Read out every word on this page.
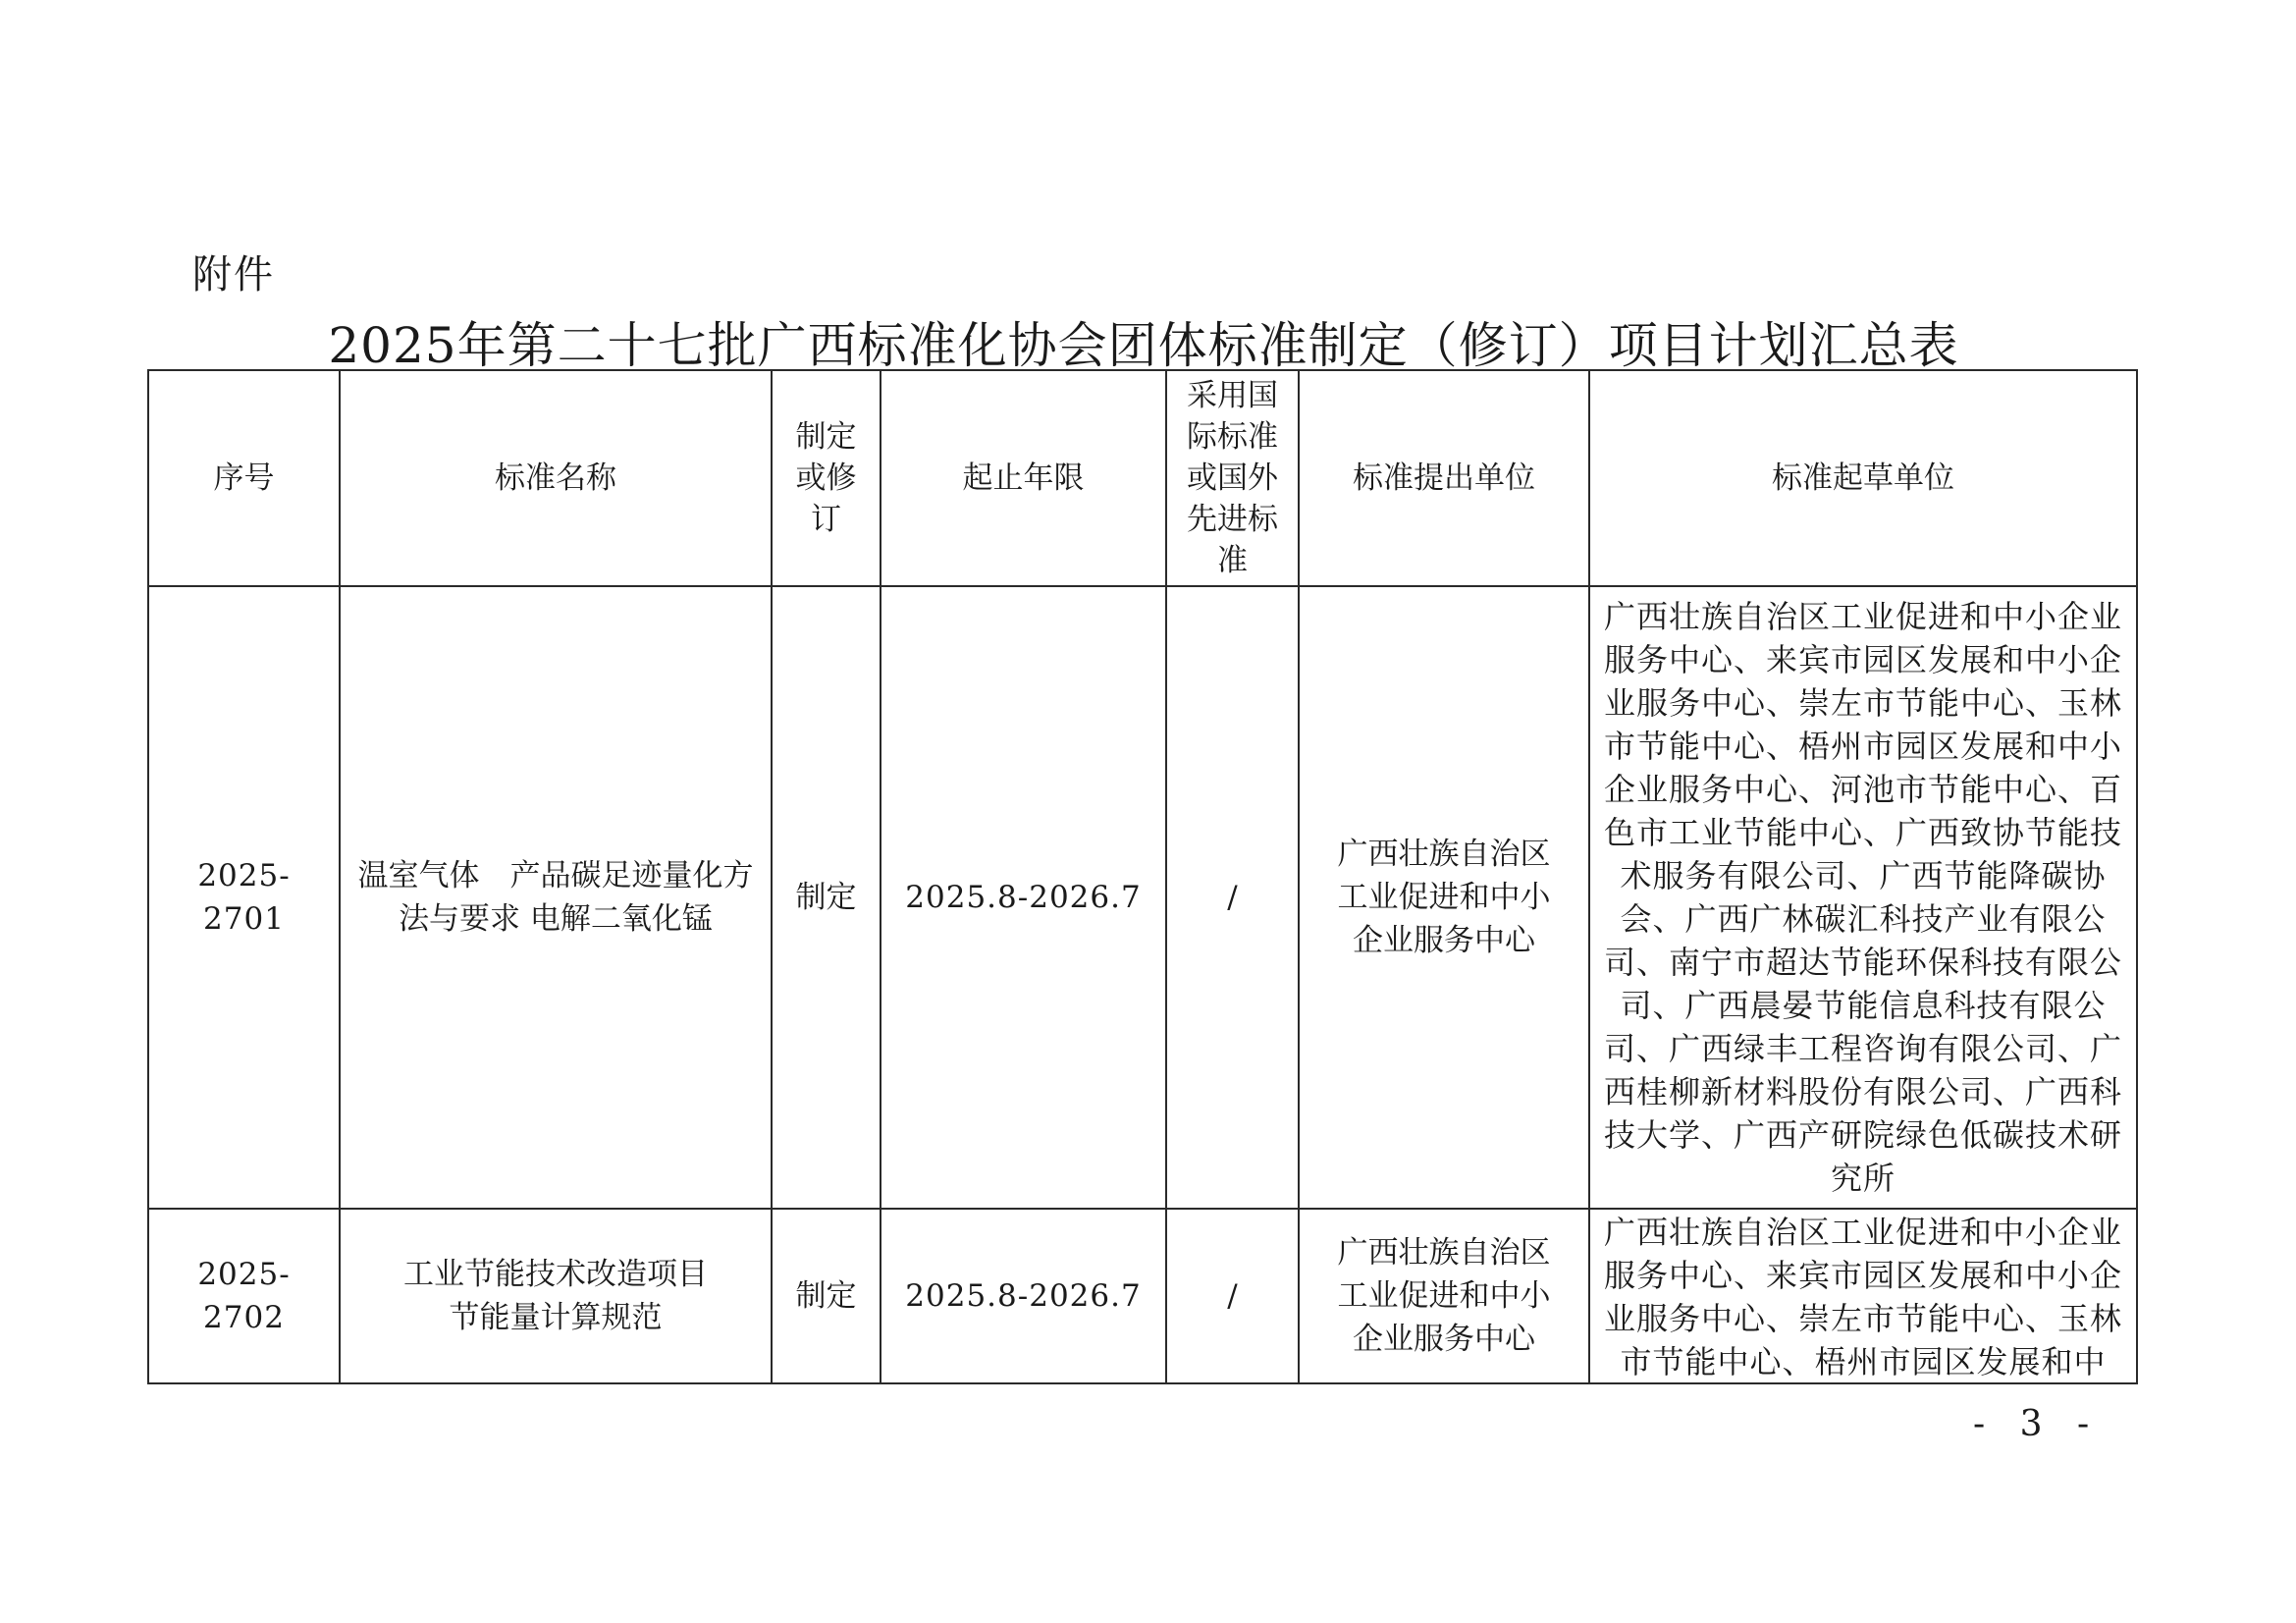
附件
2025年第二十七批广西标准化协会团体标准制定（修订）项目计划汇总表
序号	标准名称	制定或修订	起止年限	采用国际标准或国外先进标准	标准提出单位	标准起草单位
2025-2701	温室气体　产品碳足迹量化方法与要求 电解二氧化锰	制定	2025.8-2026.7	/	广西壮族自治区工业促进和中小企业服务中心	广西壮族自治区工业促进和中小企业服务中心、来宾市园区发展和中小企业服务中心、崇左市节能中心、玉林市节能中心、梧州市园区发展和中小企业服务中心、河池市节能中心、百色市工业节能中心、广西致协节能技术服务有限公司、广西节能降碳协会、广西广林碳汇科技产业有限公司、南宁市超达节能环保科技有限公司、广西晨晏节能信息科技有限公司、广西绿丰工程咨询有限公司、广西桂柳新材料股份有限公司、广西科技大学、广西产研院绿色低碳技术研究所
2025-2702	工业节能技术改造项目节能量计算规范	制定	2025.8-2026.7	/	广西壮族自治区工业促进和中小企业服务中心	广西壮族自治区工业促进和中小企业服务中心、来宾市园区发展和中小企业服务中心、崇左市节能中心、玉林市节能中心、梧州市园区发展和中
- 3 -
